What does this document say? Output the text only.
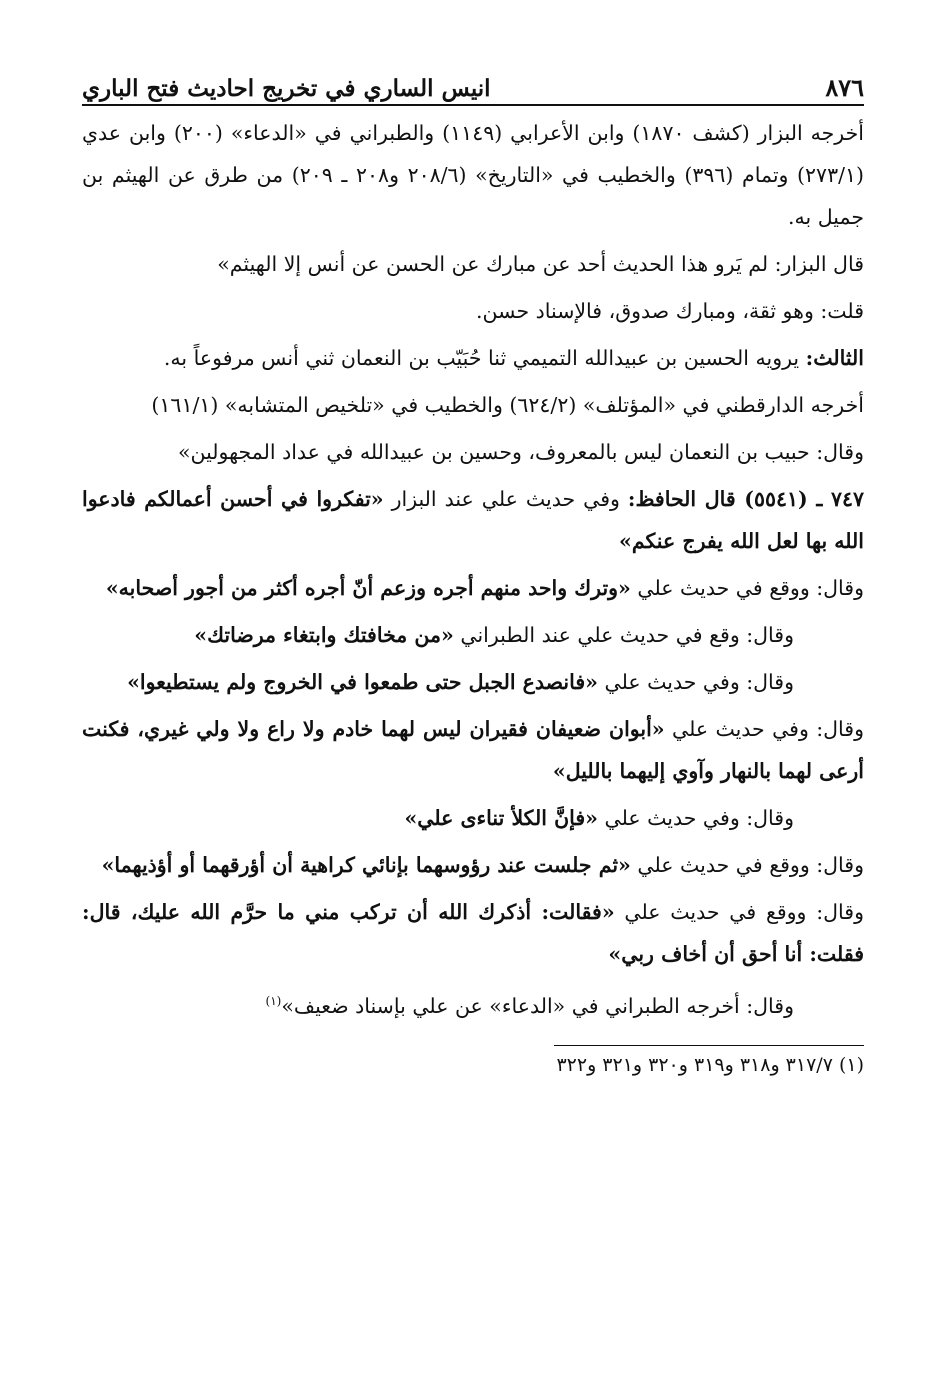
٨٧٦
انيس الساري في تخريج احاديث فتح الباري
أخرجه البزار (كشف ١٨٧٠) وابن الأعرابي (١١٤٩) والطبراني في «الدعاء» (٢٠٠) وابن عدي (٢٧٣/١) وتمام (٣٩٦) والخطيب في «التاريخ» (٢٠٨/٦ و٢٠٨ ـ ٢٠٩) من طرق عن الهيثم بن جميل به.
قال البزار: لم يَرو هذا الحديث أحد عن مبارك عن الحسن عن أنس إلا الهيثم»
قلت: وهو ثقة، ومبارك صدوق، فالإسناد حسن.
الثالث: يرويه الحسين بن عبيدالله التميمي ثنا حُبَيّب بن النعمان ثني أنس مرفوعاً به.
أخرجه الدارقطني في «المؤتلف» (٦٢٤/٢) والخطيب في «تلخيص المتشابه» (١٦١/١)
وقال: حبيب بن النعمان ليس بالمعروف، وحسين بن عبيدالله في عداد المجهولين»
٧٤٧ ـ (٥٥٤١) قال الحافظ: وفي حديث علي عند البزار «تفكروا في أحسن أعمالكم فادعوا الله بها لعل الله يفرج عنكم»
وقال: ووقع في حديث علي «وترك واحد منهم أجره وزعم أنّ أجره أكثر من أجور أصحابه»
وقال: وقع في حديث علي عند الطبراني «من مخافتك وابتغاء مرضاتك»
وقال: وفي حديث علي «فانصدع الجبل حتى طمعوا في الخروج ولم يستطيعوا»
وقال: وفي حديث علي «أبوان ضعيفان فقيران ليس لهما خادم ولا راع ولا ولي غيري، فكنت أرعى لهما بالنهار وآوي إليهما بالليل»
وقال: وفي حديث علي «فإنَّ الكلأ تناءى علي»
وقال: ووقع في حديث علي «ثم جلست عند رؤوسهما بإنائي كراهية أن أؤرقهما أو أؤذيهما»
وقال: ووقع في حديث علي «فقالت: أذكرك الله أن تركب مني ما حرَّم الله عليك، قال: فقلت: أنا أحق أن أخاف ربي»
وقال: أخرجه الطبراني في «الدعاء» عن علي بإسناد ضعيف»$^{(١)}$
(١) ٣١٧/٧ و٣١٨ و٣١٩ و٣٢٠ و٣٢١ و٣٢٢
